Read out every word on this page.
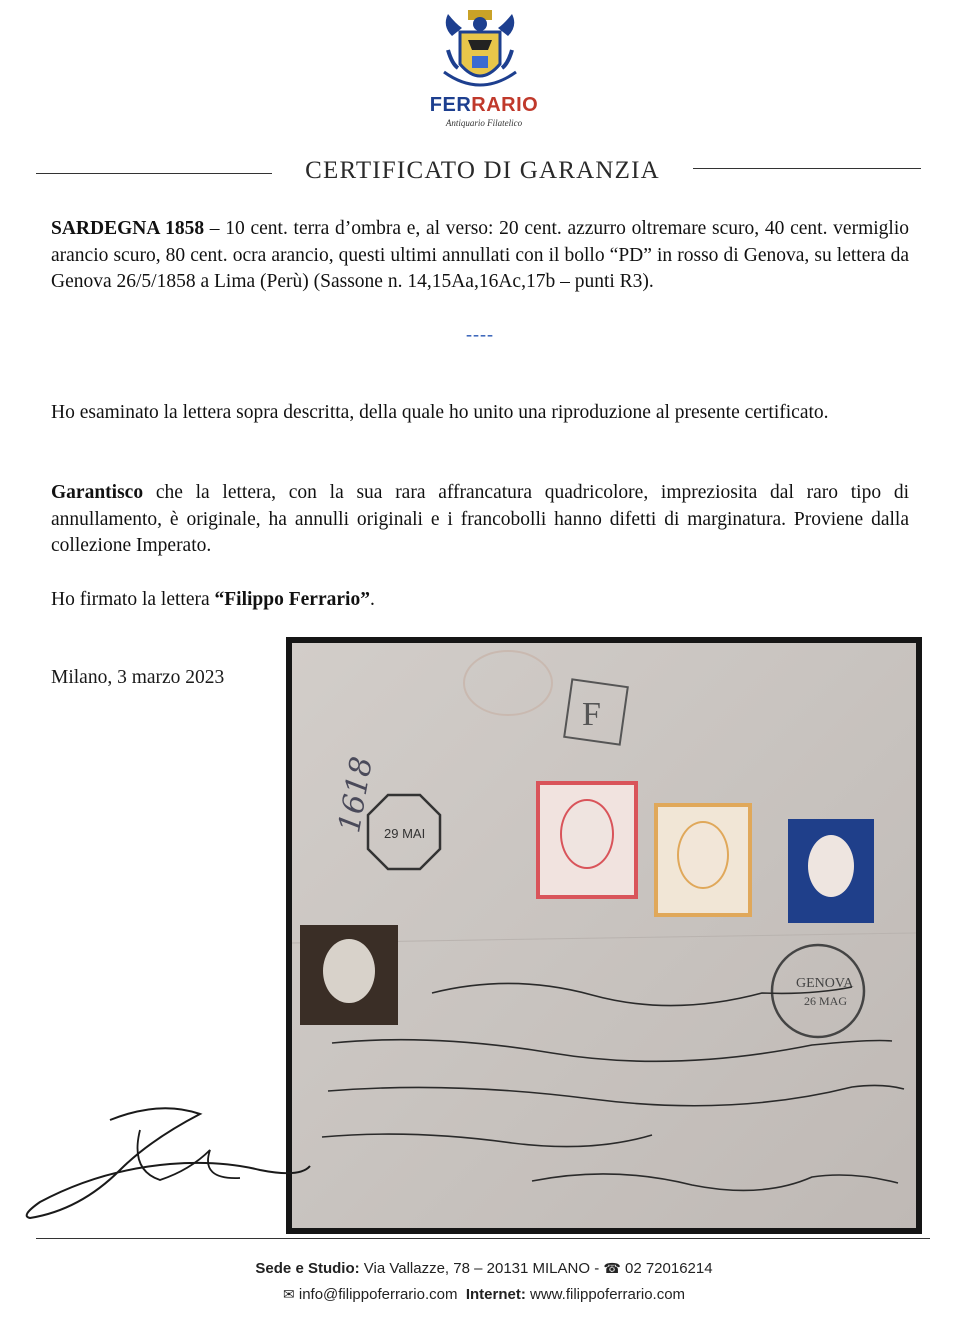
FERRARIO
Antiquario Filatelico
CERTIFICATO DI GARANZIA
SARDEGNA 1858 – 10 cent. terra d’ombra e, al verso: 20 cent. azzurro oltremare scuro, 40 cent. vermiglio arancio scuro, 80 cent. ocra arancio, questi ultimi annullati con il bollo “PD” in rosso di Genova, su lettera da Genova 26/5/1858 a Lima (Perù) (Sassone n. 14,15Aa,16Ac,17b – punti R3).
----
Ho esaminato la lettera sopra descritta, della quale ho unito una riproduzione al presente certificato.
Garantisco che la lettera, con la sua rara affrancatura quadricolore, impreziosita dal raro tipo di annullamento, è originale, ha annulli originali e i francobolli hanno difetti di marginatura. Proviene dalla collezione Imperato.
Ho firmato la lettera “Filippo Ferrario”.
Milano, 3 marzo 2023
F
1618 29 MAI
GENOVA
26 MAG
Sede e Studio: Via Vallazze, 78 – 20131 MILANO - ☎ 02 72016214
✉ info@filippoferrario.com Internet: www.filippoferrario.com
